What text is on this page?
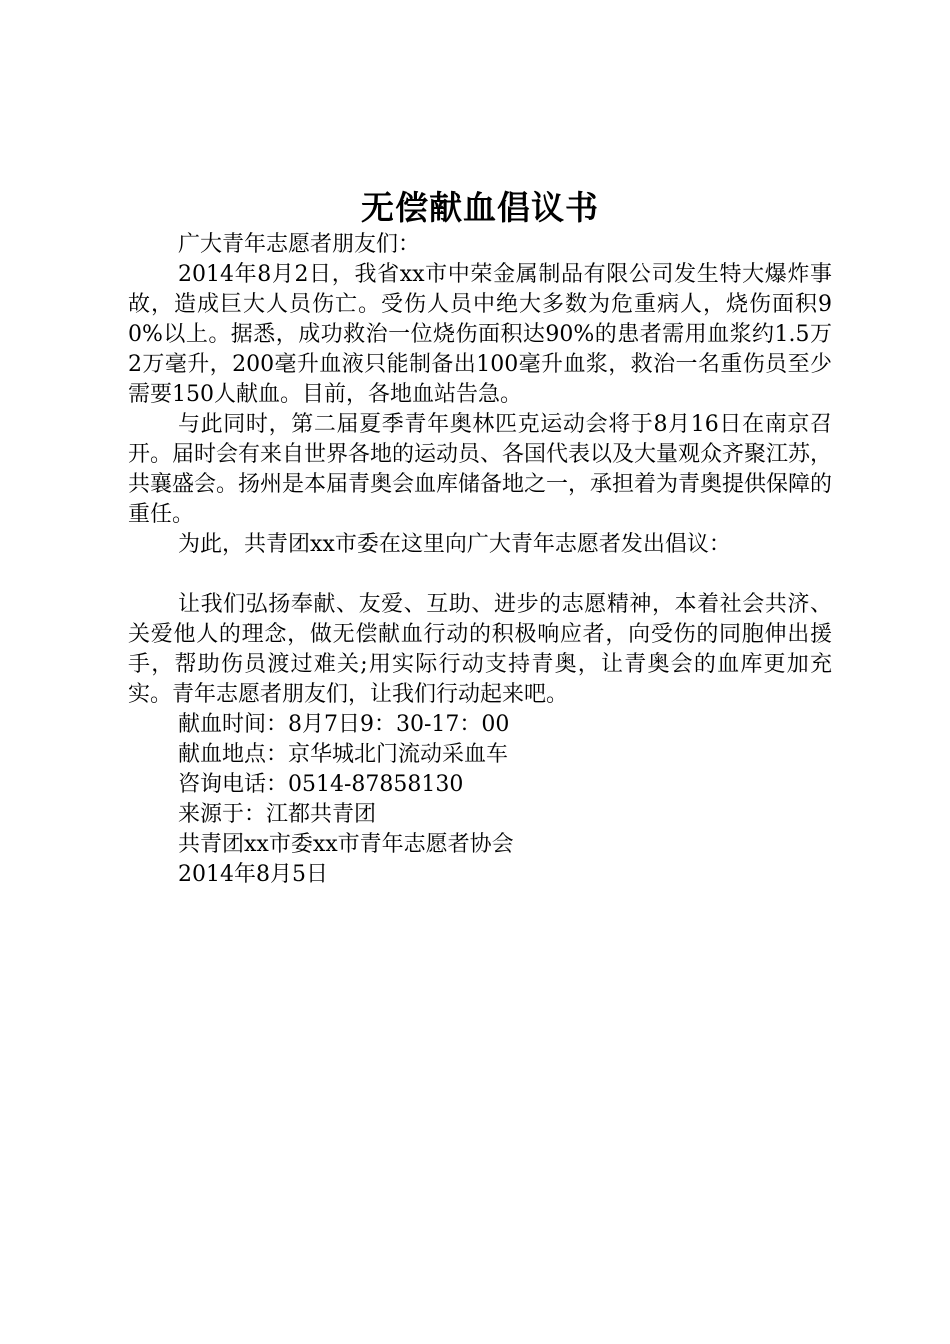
无偿献血倡议书

广大青年志愿者朋友们：

2014年8月2日，我省xx市中荣金属制品有限公司发生特大爆炸事故，造成巨大人员伤亡。受伤人员中绝大多数为危重病人，烧伤面积90%以上。据悉，成功救治一位烧伤面积达90%的患者需用血浆约1.5万2万毫升，200毫升血液只能制备出100毫升血浆，救治一名重伤员至少需要150人献血。目前，各地血站告急。

与此同时，第二届夏季青年奥林匹克运动会将于8月16日在南京召开。届时会有来自世界各地的运动员、各国代表以及大量观众齐聚江苏，共襄盛会。扬州是本届青奥会血库储备地之一，承担着为青奥提供保障的重任。

为此，共青团xx市委在这里向广大青年志愿者发出倡议：

让我们弘扬奉献、友爱、互助、进步的志愿精神，本着社会共济、关爱他人的理念，做无偿献血行动的积极响应者，向受伤的同胞伸出援手，帮助伤员渡过难关;用实际行动支持青奥，让青奥会的血库更加充实。青年志愿者朋友们，让我们行动起来吧。

献血时间：8月7日9：30-17：00

献血地点：京华城北门流动采血车

咨询电话：0514-87858130

来源于：江都共青团

共青团xx市委xx市青年志愿者协会

2014年8月5日
